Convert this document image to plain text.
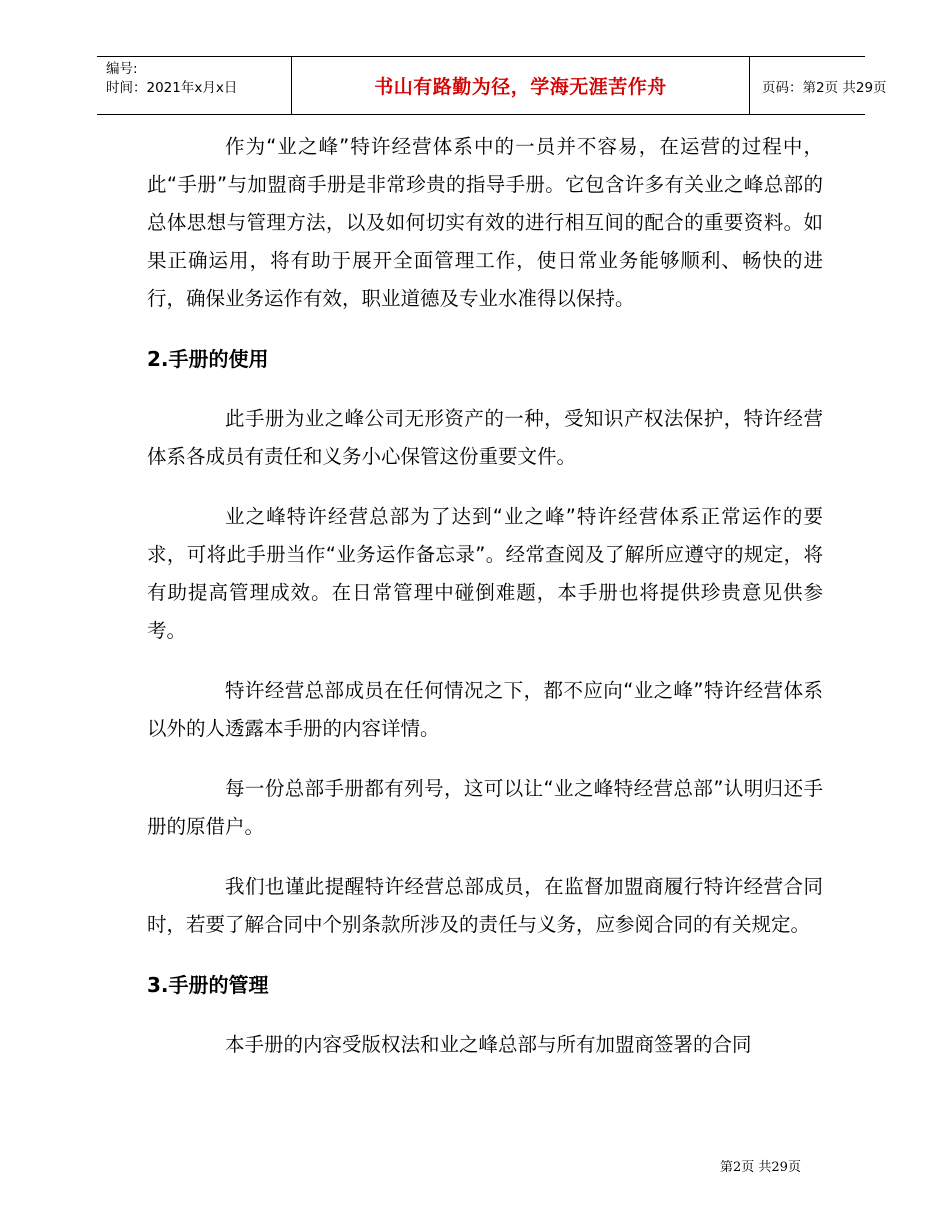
编号:
时间：2021年x月x日	书山有路勤为径，学海无涯苦作舟	页码：第2页 共29页

作为“业之峰”特许经营体系中的一员并不容易，在运营的过程中，此“手册”与加盟商手册是非常珍贵的指导手册。它包含许多有关业之峰总部的总体思想与管理方法，以及如何切实有效的进行相互间的配合的重要资料。如果正确运用，将有助于展开全面管理工作，使日常业务能够顺利、畅快的进行，确保业务运作有效，职业道德及专业水准得以保持。

2.手册的使用

此手册为业之峰公司无形资产的一种，受知识产权法保护，特许经营体系各成员有责任和义务小心保管这份重要文件。

业之峰特许经营总部为了达到“业之峰”特许经营体系正常运作的要求，可将此手册当作“业务运作备忘录”。经常查阅及了解所应遵守的规定，将有助提高管理成效。在日常管理中碰倒难题，本手册也将提供珍贵意见供参考。

特许经营总部成员在任何情况之下，都不应向“业之峰”特许经营体系以外的人透露本手册的内容详情。

每一份总部手册都有列号，这可以让“业之峰特经营总部”认明归还手册的原借户。

我们也谨此提醒特许经营总部成员，在监督加盟商履行特许经营合同时，若要了解合同中个别条款所涉及的责任与义务，应参阅合同的有关规定。

3.手册的管理

本手册的内容受版权法和业之峰总部与所有加盟商签署的合同

第2页 共29页
